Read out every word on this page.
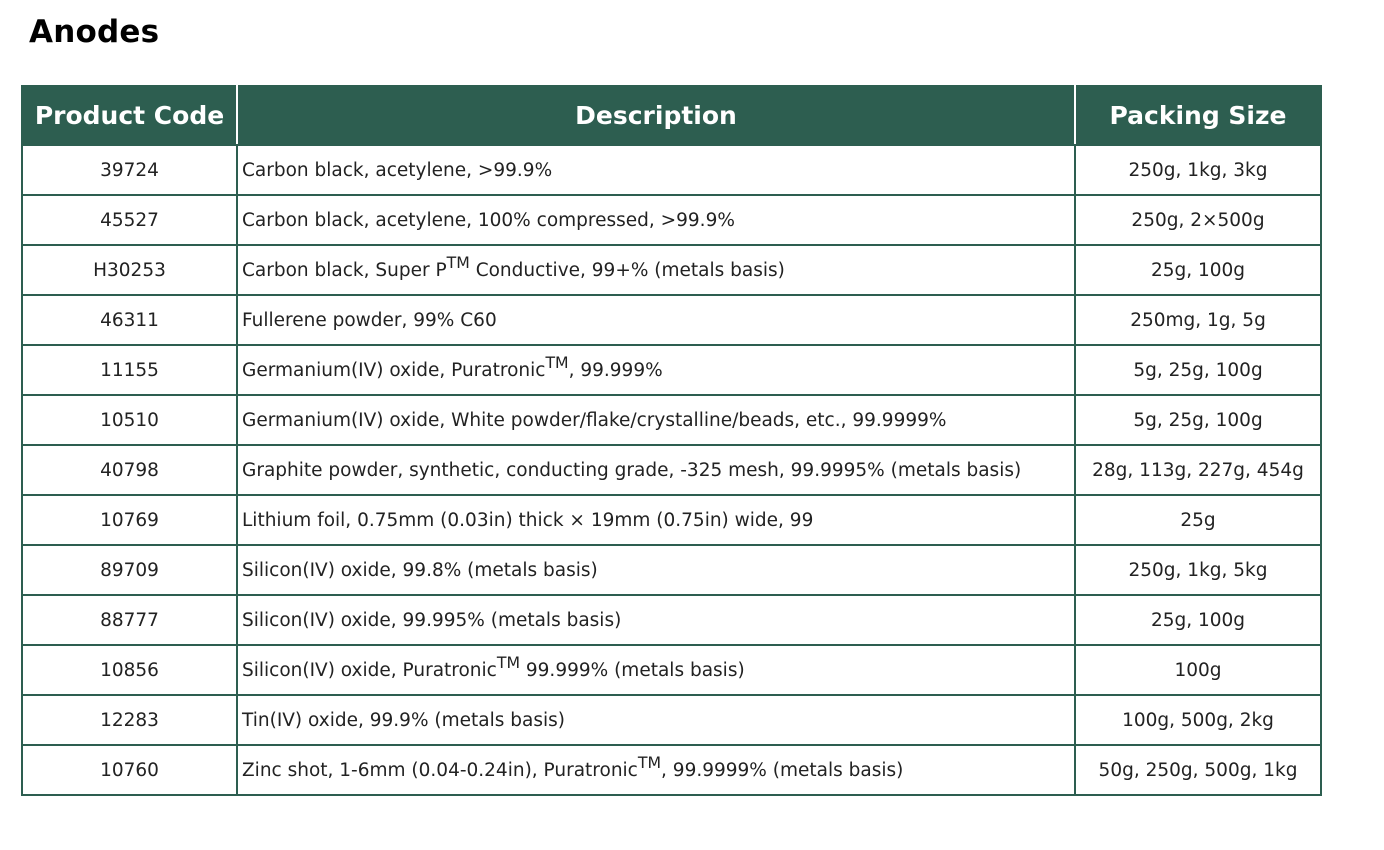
Anodes
Product Code	Description	Packing Size
39724	Carbon black, acetylene, >99.9%	250g, 1kg, 3kg
45527	Carbon black, acetylene, 100% compressed, >99.9%	250g, 2×500g
H30253	Carbon black, Super P™ Conductive, 99+% (metals basis)	25g, 100g
46311	Fullerene powder, 99% C60	250mg, 1g, 5g
11155	Germanium(IV) oxide, Puratronic™, 99.999%	5g, 25g, 100g
10510	Germanium(IV) oxide, White powder/flake/crystalline/beads, etc., 99.9999%	5g, 25g, 100g
40798	Graphite powder, synthetic, conducting grade, -325 mesh, 99.9995% (metals basis)	28g, 113g, 227g, 454g
10769	Lithium foil, 0.75mm (0.03in) thick × 19mm (0.75in) wide, 99	25g
89709	Silicon(IV) oxide, 99.8% (metals basis)	250g, 1kg, 5kg
88777	Silicon(IV) oxide, 99.995% (metals basis)	25g, 100g
10856	Silicon(IV) oxide, Puratronic™ 99.999% (metals basis)	100g
12283	Tin(IV) oxide, 99.9% (metals basis)	100g, 500g, 2kg
10760	Zinc shot, 1-6mm (0.04-0.24in), Puratronic™, 99.9999% (metals basis)	50g, 250g, 500g, 1kg
